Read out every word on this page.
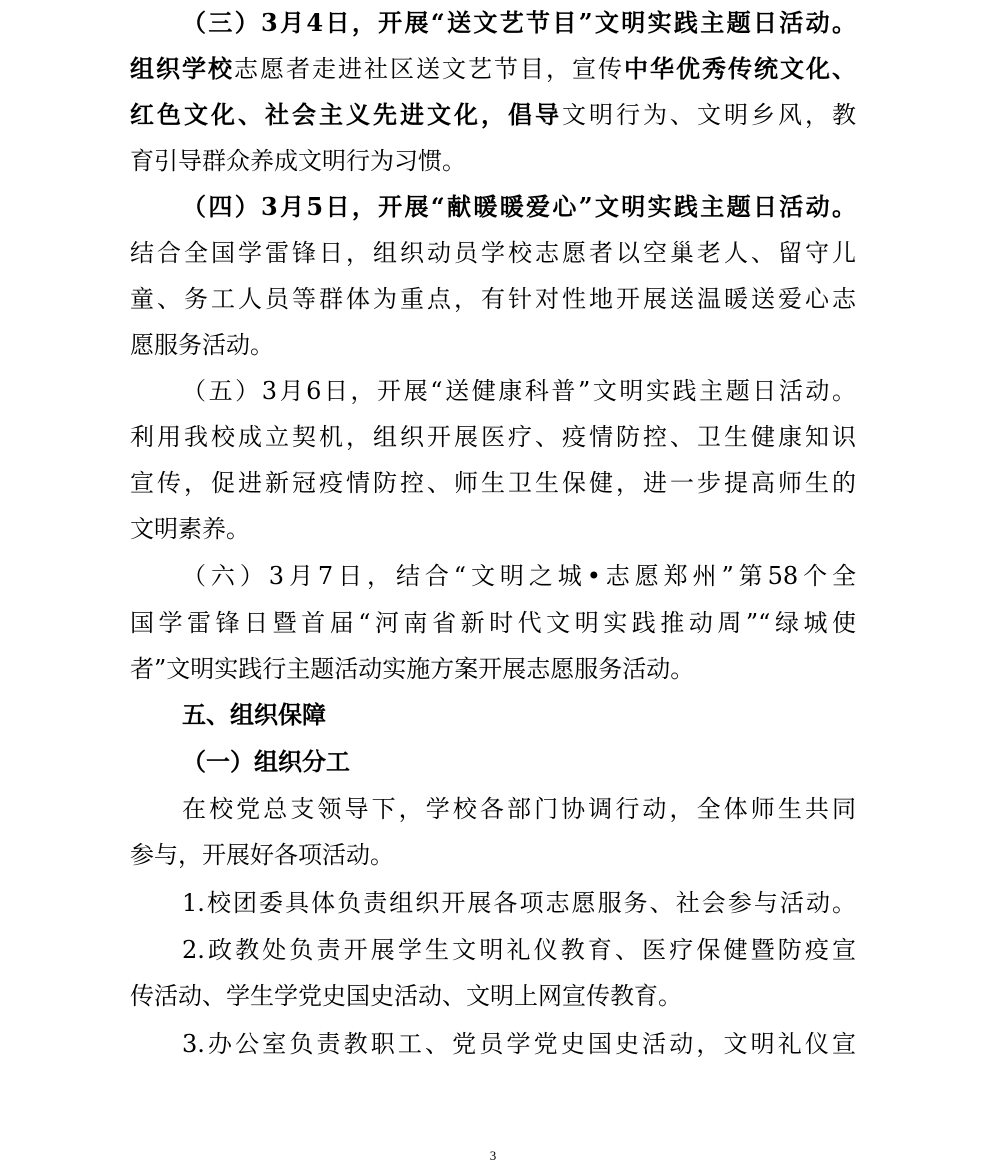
（三）3月4日，开展“送文艺节目”文明实践主题日活动。
组织学校志愿者走进社区送文艺节目，宣传中华优秀传统文化、
红色文化、社会主义先进文化，倡导文明行为、文明乡风，教
育引导群众养成文明行为习惯。
（四）3月5日，开展“献暖暖爱心”文明实践主题日活动。
结合全国学雷锋日，组织动员学校志愿者以空巢老人、留守儿
童、务工人员等群体为重点，有针对性地开展送温暖送爱心志
愿服务活动。
（五）3月6日，开展“送健康科普”文明实践主题日活动。
利用我校成立契机，组织开展医疗、疫情防控、卫生健康知识
宣传，促进新冠疫情防控、师生卫生保健，进一步提高师生的
文明素养。
（六）3月7日，结合“文明之城•志愿郑州”第58个全
国学雷锋日暨首届“河南省新时代文明实践推动周”“绿城使
者”文明实践行主题活动实施方案开展志愿服务活动。
五、组织保障
（一）组织分工
在校党总支领导下，学校各部门协调行动，全体师生共同
参与，开展好各项活动。
1.校团委具体负责组织开展各项志愿服务、社会参与活动。
2.政教处负责开展学生文明礼仪教育、医疗保健暨防疫宣
传活动、学生学党史国史活动、文明上网宣传教育。
3.办公室负责教职工、党员学党史国史活动，文明礼仪宣
3
